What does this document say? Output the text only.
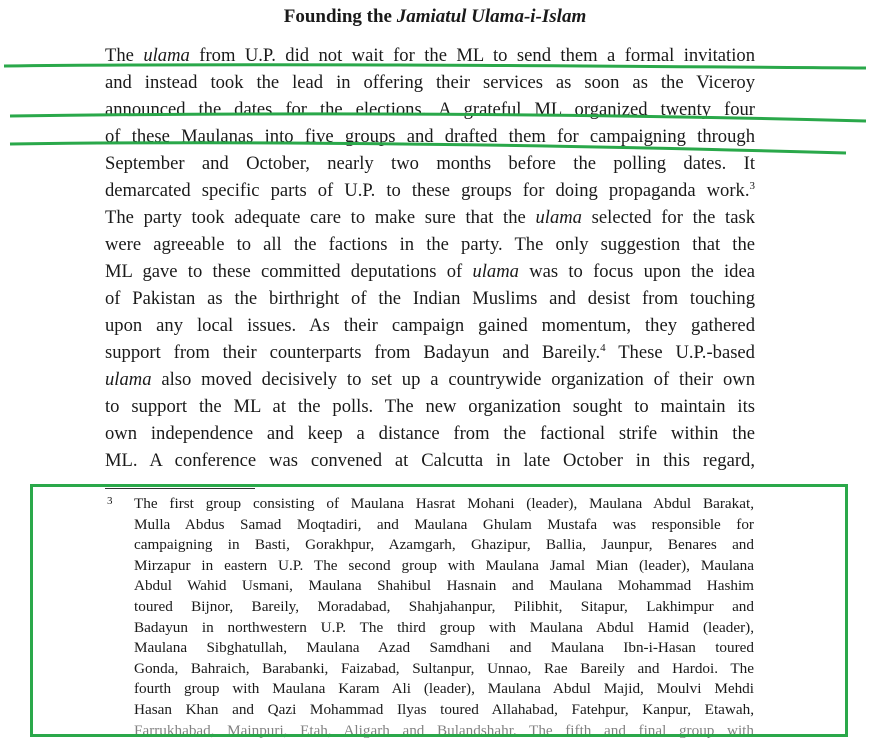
Founding the Jamiatul Ulama-i-Islam
The ulama from U.P. did not wait for the ML to send them a formal invitation
and instead took the lead in offering their services as soon as the Viceroy
announced the dates for the elections. A grateful ML organized twenty four
of these Maulanas into five groups and drafted them for campaigning through
September and October, nearly two months before the polling dates. It
demarcated specific parts of U.P. to these groups for doing propaganda work.$^3$
The party took adequate care to make sure that the ulama selected for the task
were agreeable to all the factions in the party. The only suggestion that the
ML gave to these committed deputations of ulama was to focus upon the idea
of Pakistan as the birthright of the Indian Muslims and desist from touching
upon any local issues. As their campaign gained momentum, they gathered
support from their counterparts from Badayun and Bareily.$^4$ These U.P.-based
ulama also moved decisively to set up a countrywide organization of their own
to support the ML at the polls. The new organization sought to maintain its
own independence and keep a distance from the factional strife within the
ML. A conference was convened at Calcutta in late October in this regard,
3 The first group consisting of Maulana Hasrat Mohani (leader), Maulana Abdul Barakat,
Mulla Abdus Samad Moqtadiri, and Maulana Ghulam Mustafa was responsible for
campaigning in Basti, Gorakhpur, Azamgarh, Ghazipur, Ballia, Jaunpur, Benares and
Mirzapur in eastern U.P. The second group with Maulana Jamal Mian (leader), Maulana
Abdul Wahid Usmani, Maulana Shahibul Hasnain and Maulana Mohammad Hashim
toured Bijnor, Bareily, Moradabad, Shahjahanpur, Pilibhit, Sitapur, Lakhimpur and
Badayun in northwestern U.P. The third group with Maulana Abdul Hamid (leader),
Maulana Sibghatullah, Maulana Azad Samdhani and Maulana Ibn-i-Hasan toured
Gonda, Bahraich, Barabanki, Faizabad, Sultanpur, Unnao, Rae Bareily and Hardoi. The
fourth group with Maulana Karam Ali (leader), Maulana Abdul Majid, Moulvi Mehdi
Hasan Khan and Qazi Mohammad Ilyas toured Allahabad, Fatehpur, Kanpur, Etawah,
Farrukhabad, Mainpuri, Etah, Aligarh and Bulandshahr. The fifth and final group with
